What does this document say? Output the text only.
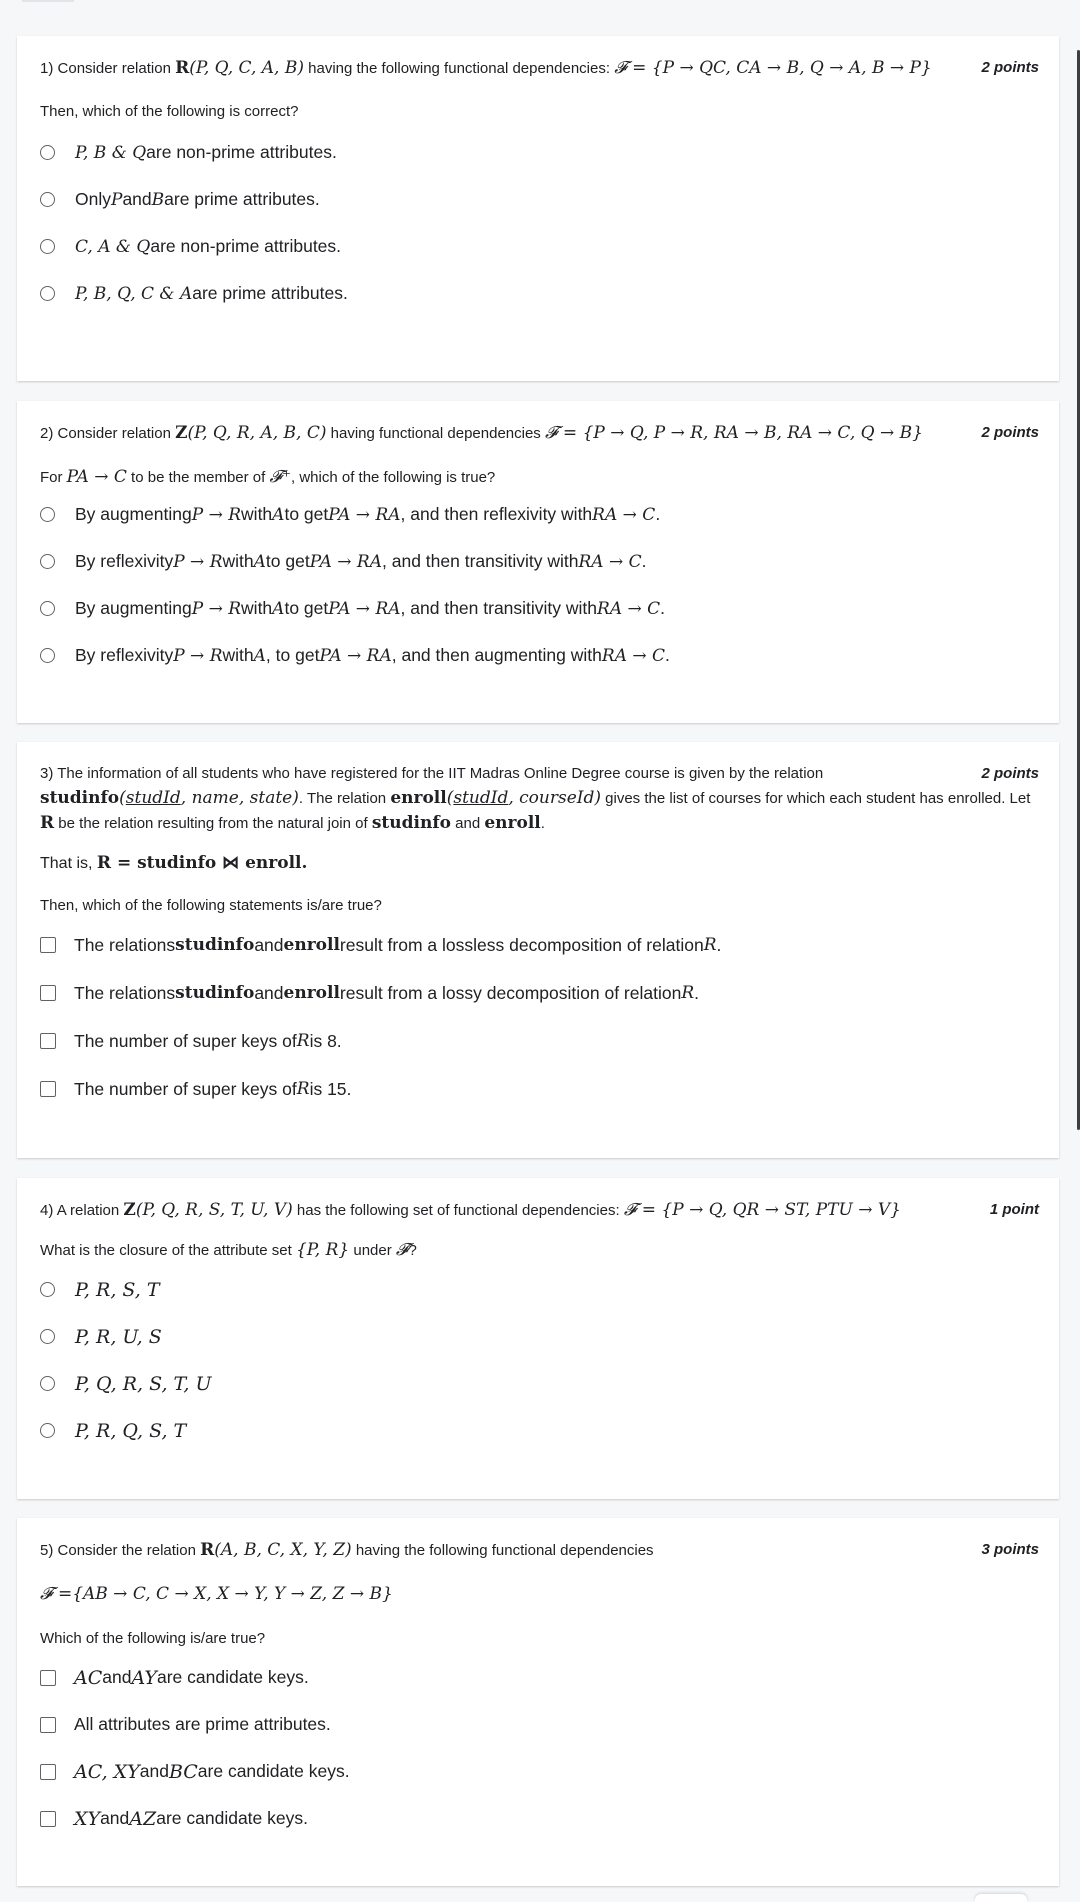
1) Consider relation R(P, Q, C, A, B) having the following functional dependencies: 𝓕 = {P → QC, CA → B, Q → A, B → P}	2 points
Then, which of the following is correct?
P, B & Q are non-prime attributes.
Only P and B are prime attributes.
C, A & Q are non-prime attributes.
P, B, Q, C & A are prime attributes.
2) Consider relation Z(P, Q, R, A, B, C) having functional dependencies 𝓕 = {P → Q, P → R, RA → B, RA → C, Q → B}	2 points
For PA → C to be the member of 𝓕⁺, which of the following is true?
By augmenting P → R with A to get PA → RA , and then reflexivity with RA → C .
By reflexivity P → R with A to get PA → RA , and then transitivity with RA → C .
By augmenting P → R with A to get PA → RA , and then transitivity with RA → C .
By reflexivity P → R with A , to get PA → RA , and then augmenting with RA → C .
3) The information of all students who have registered for the IIT Madras Online Degree course is given by the relation	2 points
studinfo(studId, name, state). The relation enroll(studId, courseId) gives the list of courses for which each student has enrolled. Let
R be the relation resulting from the natural join of studinfo and enroll.
That is, R = studinfo ⋈ enroll.
Then, which of the following statements is/are true?
The relations studinfo and enroll result from a lossless decomposition of relation R .
The relations studinfo and enroll result from a lossy decomposition of relation R .
The number of super keys of R is 8.
The number of super keys of R is 15.
4) A relation Z(P, Q, R, S, T, U, V) has the following set of functional dependencies: 𝓕 = {P → Q, QR → ST, PTU → V}	1 point
What is the closure of the attribute set {P, R} under 𝓕?
P, R, S, T
P, R, U, S
P, Q, R, S, T, U
P, R, Q, S, T
5) Consider the relation R(A, B, C, X, Y, Z) having the following functional dependencies	3 points
𝓕 ={AB → C, C → X, X → Y, Y → Z, Z → B}
Which of the following is/are true?
AC and AY are candidate keys.
All attributes are prime attributes.
AC, XY and BC are candidate keys.
XY and AZ are candidate keys.
